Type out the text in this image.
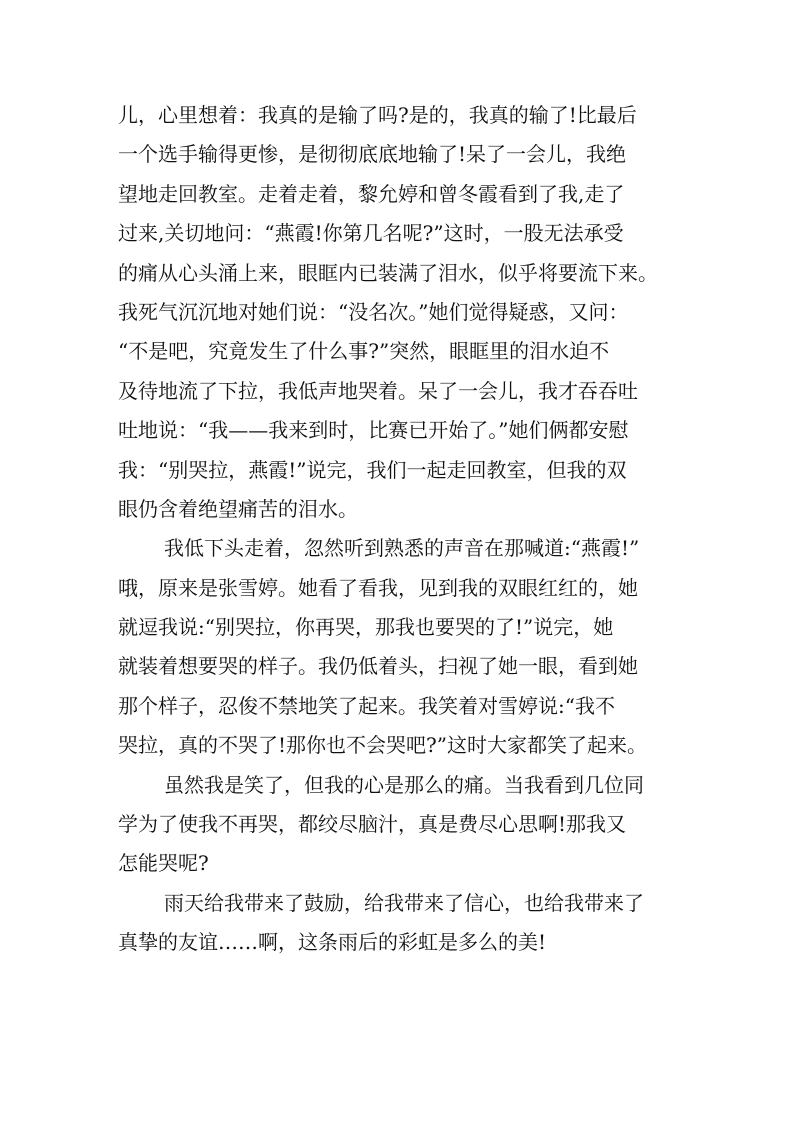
儿，心里想着：我真的是输了吗?是的，我真的输了!比最后
一个选手输得更惨，是彻彻底底地输了!呆了一会儿，我绝
望地走回教室。走着走着，黎允婷和曾冬霞看到了我,走了
过来,关切地问：“燕霞!你第几名呢?”这时，一股无法承受
的痛从心头涌上来，眼眶内已装满了泪水，似乎将要流下来。
我死气沉沉地对她们说：“没名次。”她们觉得疑惑，又问：
“不是吧，究竟发生了什么事?”突然，眼眶里的泪水迫不
及待地流了下拉，我低声地哭着。呆了一会儿，我才吞吞吐
吐地说：“我——我来到时，比赛已开始了。”她们俩都安慰
我：“别哭拉，燕霞!”说完，我们一起走回教室，但我的双
眼仍含着绝望痛苦的泪水。
我低下头走着，忽然听到熟悉的声音在那喊道:“燕霞!”
哦，原来是张雪婷。她看了看我，见到我的双眼红红的，她
就逗我说:“别哭拉，你再哭，那我也要哭的了!”说完，她
就装着想要哭的样子。我仍低着头，扫视了她一眼，看到她
那个样子，忍俊不禁地笑了起来。我笑着对雪婷说:“我不
哭拉，真的不哭了!那你也不会哭吧?”这时大家都笑了起来。
虽然我是笑了，但我的心是那么的痛。当我看到几位同
学为了使我不再哭，都绞尽脑汁，真是费尽心思啊!那我又
怎能哭呢?
雨天给我带来了鼓励，给我带来了信心，也给我带来了
真挚的友谊……啊，这条雨后的彩虹是多么的美!
